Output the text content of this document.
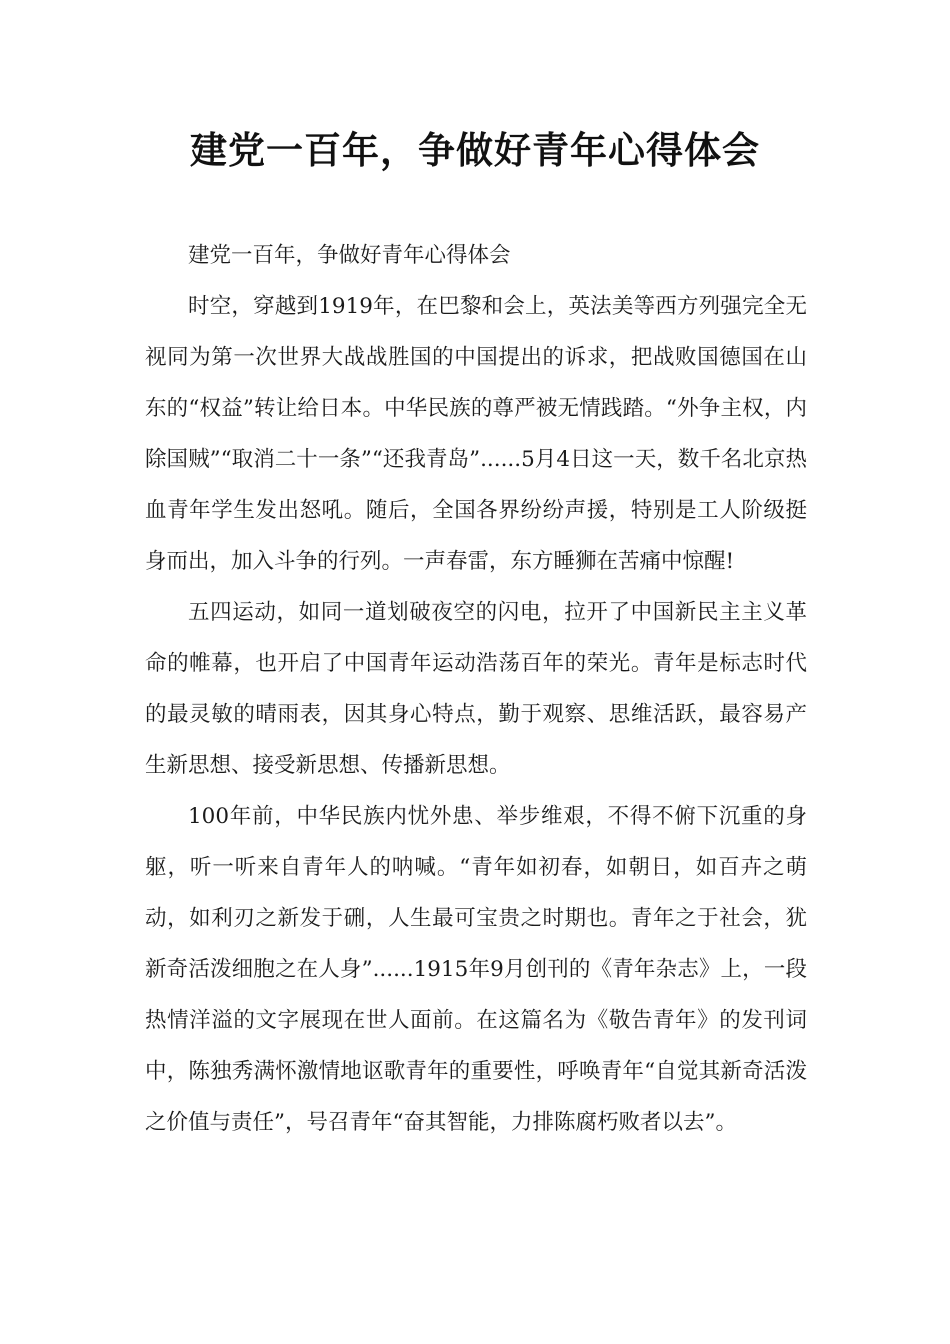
建党一百年，争做好青年心得体会

建党一百年，争做好青年心得体会

时空，穿越到1919年，在巴黎和会上，英法美等西方列强完全无视同为第一次世界大战战胜国的中国提出的诉求，把战败国德国在山东的“权益”转让给日本。中华民族的尊严被无情践踏。“外争主权，内除国贼”“取消二十一条”“还我青岛”......5月4日这一天，数千名北京热血青年学生发出怒吼。随后，全国各界纷纷声援，特别是工人阶级挺身而出，加入斗争的行列。一声春雷，东方睡狮在苦痛中惊醒!

五四运动，如同一道划破夜空的闪电，拉开了中国新民主主义革命的帷幕，也开启了中国青年运动浩荡百年的荣光。青年是标志时代的最灵敏的晴雨表，因其身心特点，勤于观察、思维活跃，最容易产生新思想、接受新思想、传播新思想。

100年前，中华民族内忧外患、举步维艰，不得不俯下沉重的身躯，听一听来自青年人的呐喊。“青年如初春，如朝日，如百卉之萌动，如利刃之新发于硎，人生最可宝贵之时期也。青年之于社会，犹新奇活泼细胞之在人身”......1915年9月创刊的《青年杂志》上，一段热情洋溢的文字展现在世人面前。在这篇名为《敬告青年》的发刊词中，陈独秀满怀激情地讴歌青年的重要性，呼唤青年“自觉其新奇活泼之价值与责任”，号召青年“奋其智能，力排陈腐朽败者以去”。
